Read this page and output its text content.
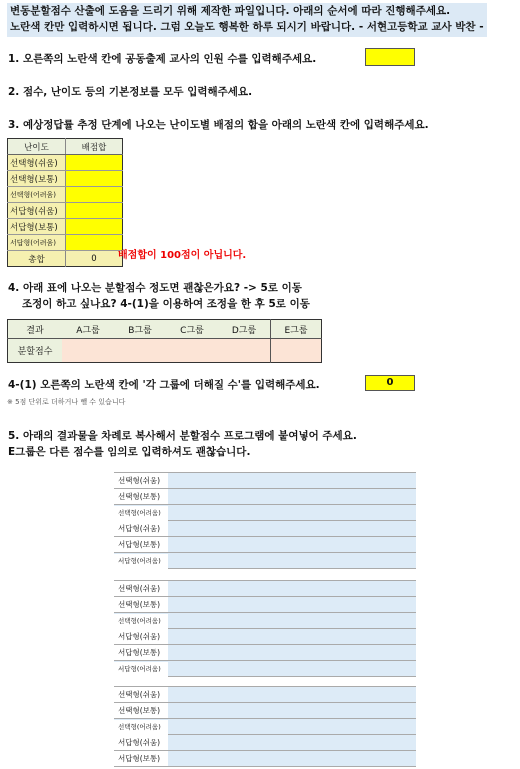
변동분할점수 산출에 도움을 드리기 위해 제작한 파일입니다. 아래의 순서에 따라 진행해주세요.
노란색 칸만 입력하시면 됩니다. 그럼 오늘도 행복한 하루 되시기 바랍니다. - 서현고등학교 교사 박찬 -
1. 오른쪽의 노란색 칸에 공동출제 교사의 인원 수를 입력해주세요.
2. 점수, 난이도 등의 기본정보를 모두 입력해주세요.
3. 예상정답률 추정 단계에 나오는 난이도별 배점의 합을 아래의 노란색 칸에 입력해주세요.
난이도	배점합
선택형(쉬움)	
선택형(보통)	
선택형(어려움)	
서답형(쉬움)	
서답형(보통)	
서답형(어려움)	
총합	0 배점합이 100점이 아닙니다.
4. 아래 표에 나오는 분할점수 정도면 괜찮은가요? -> 5로 이동
조정이 하고 싶나요? 4-(1)을 이용하여 조정을 한 후 5로 이동
결과	A그룹	B그룹	C그룹	D그룹	E그룹
분할점수					
4-(1) 오른쪽의 노란색 칸에 '각 그룹에 더해질 수'를 입력해주세요.	0
※ 5점 단위로 더하거나 뺄 수 있습니다
5. 아래의 결과물을 차례로 복사해서 분할점수 프로그램에 붙여넣어 주세요.
E그룹은 다른 점수를 임의로 입력하셔도 괜찮습니다.
선택형(쉬움)
선택형(보통)
선택형(어려움)
서답형(쉬움)
서답형(보통)
서답형(어려움)
선택형(쉬움)
선택형(보통)
선택형(어려움)
서답형(쉬움)
서답형(보통)
서답형(어려움)
선택형(쉬움)
선택형(보통)
선택형(어려움)
서답형(쉬움)
서답형(보통)
